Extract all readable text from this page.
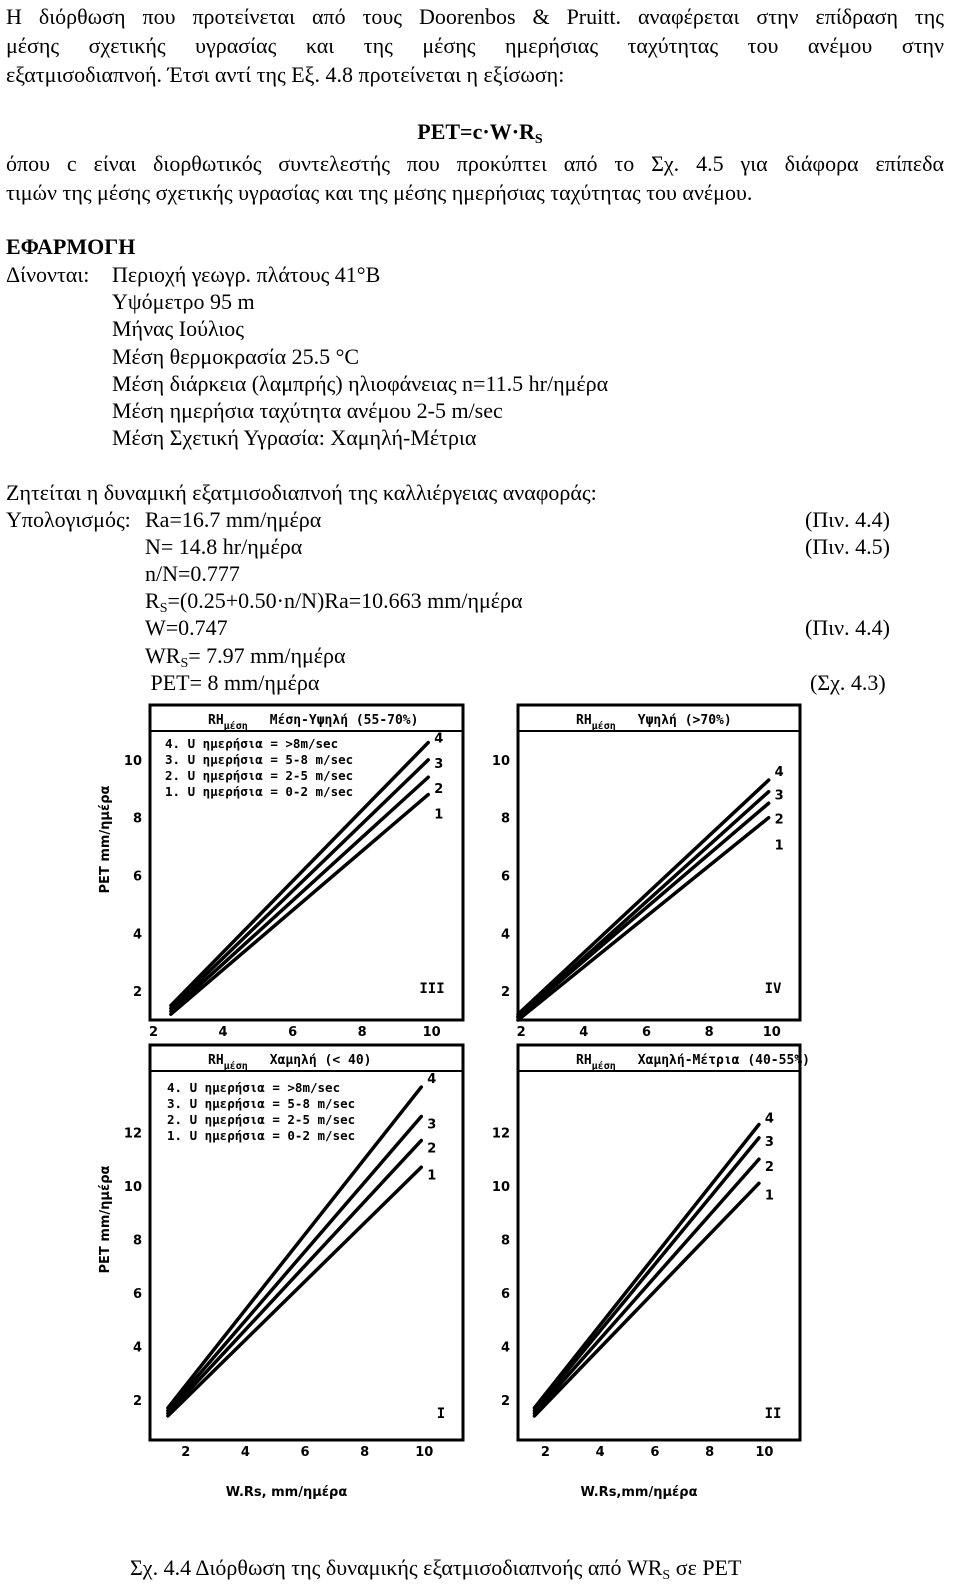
Η διόρθωση που προτείνεται από τους Doorenbos & Pruitt. αναφέρεται στην επίδραση της
μέσης σχετικής υγρασίας και της μέσης ημερήσιας ταχύτητας του ανέμου στην
εξατμισοδιαπνοή. Έτσι αντί της Εξ. 4.8 προτείνεται η εξίσωση:
$PET=c\cdot W\cdot R_S$
όπου c είναι διορθωτικός συντελεστής που προκύπτει από το Σχ. 4.5 για διάφορα επίπεδα
τιμών της μέσης σχετικής υγρασίας και της μέσης ημερήσιας ταχύτητας του ανέμου.
ΕΦΑΡΜΟΓΗ
Δίνονται: Περιοχή γεωγρ. πλάτους 41°Β
Υψόμετρο 95 m
Μήνας Ιούλιος
Μέση θερμοκρασία 25.5 °C
Μέση διάρκεια (λαμπρής) ηλιοφάνειας n=11.5 hr/ημέρα
Μέση ημερήσια ταχύτητα ανέμου 2-5 m/sec
Μέση Σχετική Υγρασία: Χαμηλή-Μέτρια
Ζητείται η δυναμική εξατμισοδιαπνοή της καλλιέργειας αναφοράς:
Υπολογισμός: Ra=16.7 mm/ημέρα	(Πιν. 4.4)
N= 14.8 hr/ημέρα	(Πιν. 4.5)
n/N=0.777
$R_S=(0.25+0.50\cdot n/N)Ra=10.663$ mm/ημέρα
W=0.747	(Πιν. 4.4)
$WR_S= 7.97$ mm/ημέρα
PET= 8 mm/ημέρα	(Σχ. 4.3)
$RH_{\mu έ\sigma\eta}$ Μέση-Υψηλή (55-70%)
2	4	6	8	10
2
4
6
8
10
4
3
2
1
4. U ημερήσια = >8m/sec
3. U ημερήσια = 5-8 m/sec
2. U ημερήσια = 2-5 m/sec
1. U ημερήσια = 0-2 m/sec
III
PET mm/ημέρα
$RH_{\mu έ\sigma\eta}$ Υψηλή (>70%)
2	4	6	8	10
2
4
6
8
10
4
3
2
1
IV
$RH_{\mu έ\sigma\eta}$ Χαμηλή (< 40)
2	4	6	8	10
2
4
6
8
10
12
4
3
2
1
4. U ημερήσια = >8m/sec
3. U ημερήσια = 5-8 m/sec
2. U ημερήσια = 2-5 m/sec
1. U ημερήσια = 0-2 m/sec
I
PET mm/ημέρα
W.Rs, mm/ημέρα
$RH_{\mu έ\sigma\eta}$ Χαμηλή-Μέτρια (40-55%)
2	4	6	8	10
2
4
6
8
10
12
4
3
2
1
II
W.Rs,mm/ημέρα
Σχ. 4.4 Διόρθωση της δυναμικής εξατμισοδιαπνοής από $WR_S$ σε PET
